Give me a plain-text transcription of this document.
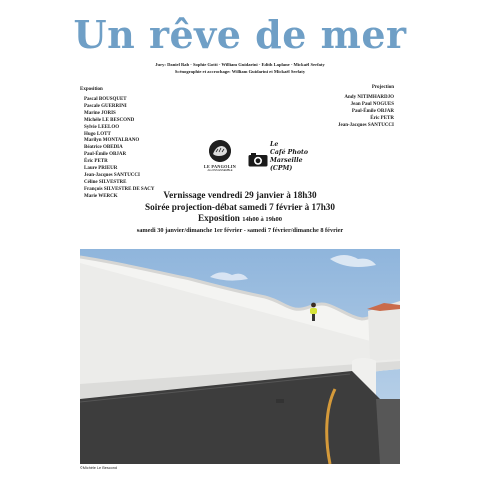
Un rêve de mer
Jury: Daniel Rab - Sophie Gotti - William Guidarini - Edith Laplane - Mickaël Serfaty
Scénographie et accrochage: William Guidarini et Mickaël Serfaty
Exposition
Pascal BOUSQUET
Pascale GUERRINI
Marine JORIS
Michèle LE BESCOND
Sylvie LEELOO
Hugo LOTT
Marilyn MONTALBANO
Béatrice OBEDIA
Paul-Émile OBJAR
Éric PETR
Laure PRIEUR
Jean-Jacques SANTUCCI
Céline SILVESTRE
François SILVESTRE DE SACY
Marie WERCK
Projection
Andy NITIMHARDJO
Jean Paul NOGUES
Paul-Émile OBJAR
Éric PETR
Jean-Jacques SANTUCCI
LE PANGOLIN
ALLONS ENSEMBLE
Le
Café Photo
Marseille
(CPM)
Vernissage vendredi 29 janvier à 18h30
Soirée projection-débat samedi 7 février à 17h30
Exposition 14h00 à 19h00
samedi 30 janvier/dimanche 1er février - samedi 7 février/dimanche 8 février
©Michèle Le Bescond
